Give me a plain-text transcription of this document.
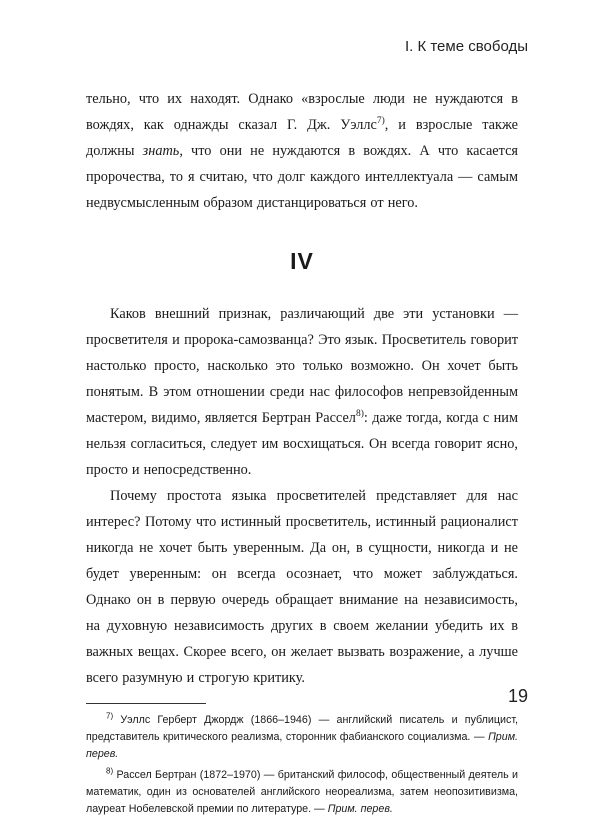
I. К теме свободы

тельно, что их находят. Однако «взрослые люди не нуждаются в вождях, как однажды сказал Г. Дж. Уэллс$^{7)}$, и взрослые также должны знать, что они не нуждаются в вождях. А что касается пророчества, то я считаю, что долг каждого интеллектуала — самым недвусмысленным образом дистанцироваться от него.

IV

Каков внешний признак, различающий две эти установки — просветителя и пророка-самозванца? Это язык. Просветитель говорит настолько просто, насколько это только возможно. Он хочет быть понятым. В этом отношении среди нас философов непревзойденным мастером, видимо, является Бертран Рассел$^{8)}$: даже тогда, когда с ним нельзя согласиться, следует им восхищаться. Он всегда говорит ясно, просто и непосредственно.

Почему простота языка просветителей представляет для нас интерес? Потому что истинный просветитель, истинный рационалист никогда не хочет быть уверенным. Да он, в сущности, никогда и не будет уверенным: он всегда осознает, что может заблуждаться. Однако он в первую очередь обращает внимание на независимость, на духовную независимость других в своем желании убедить их в важных вещах. Скорее всего, он желает вызвать возражение, а лучше всего разумную и строгую критику.

$^{7)}$ Уэллс Герберт Джордж (1866–1946) — английский писатель и публицист, представитель критического реализма, сторонник фабианского социализма. — Прим. перев.

$^{8)}$ Рассел Бертран (1872–1970) — британский философ, общественный деятель и математик, один из основателей английского неореализма, затем неопозитивизма, лауреат Нобелевской премии по литературе. — Прим. перев.

19
